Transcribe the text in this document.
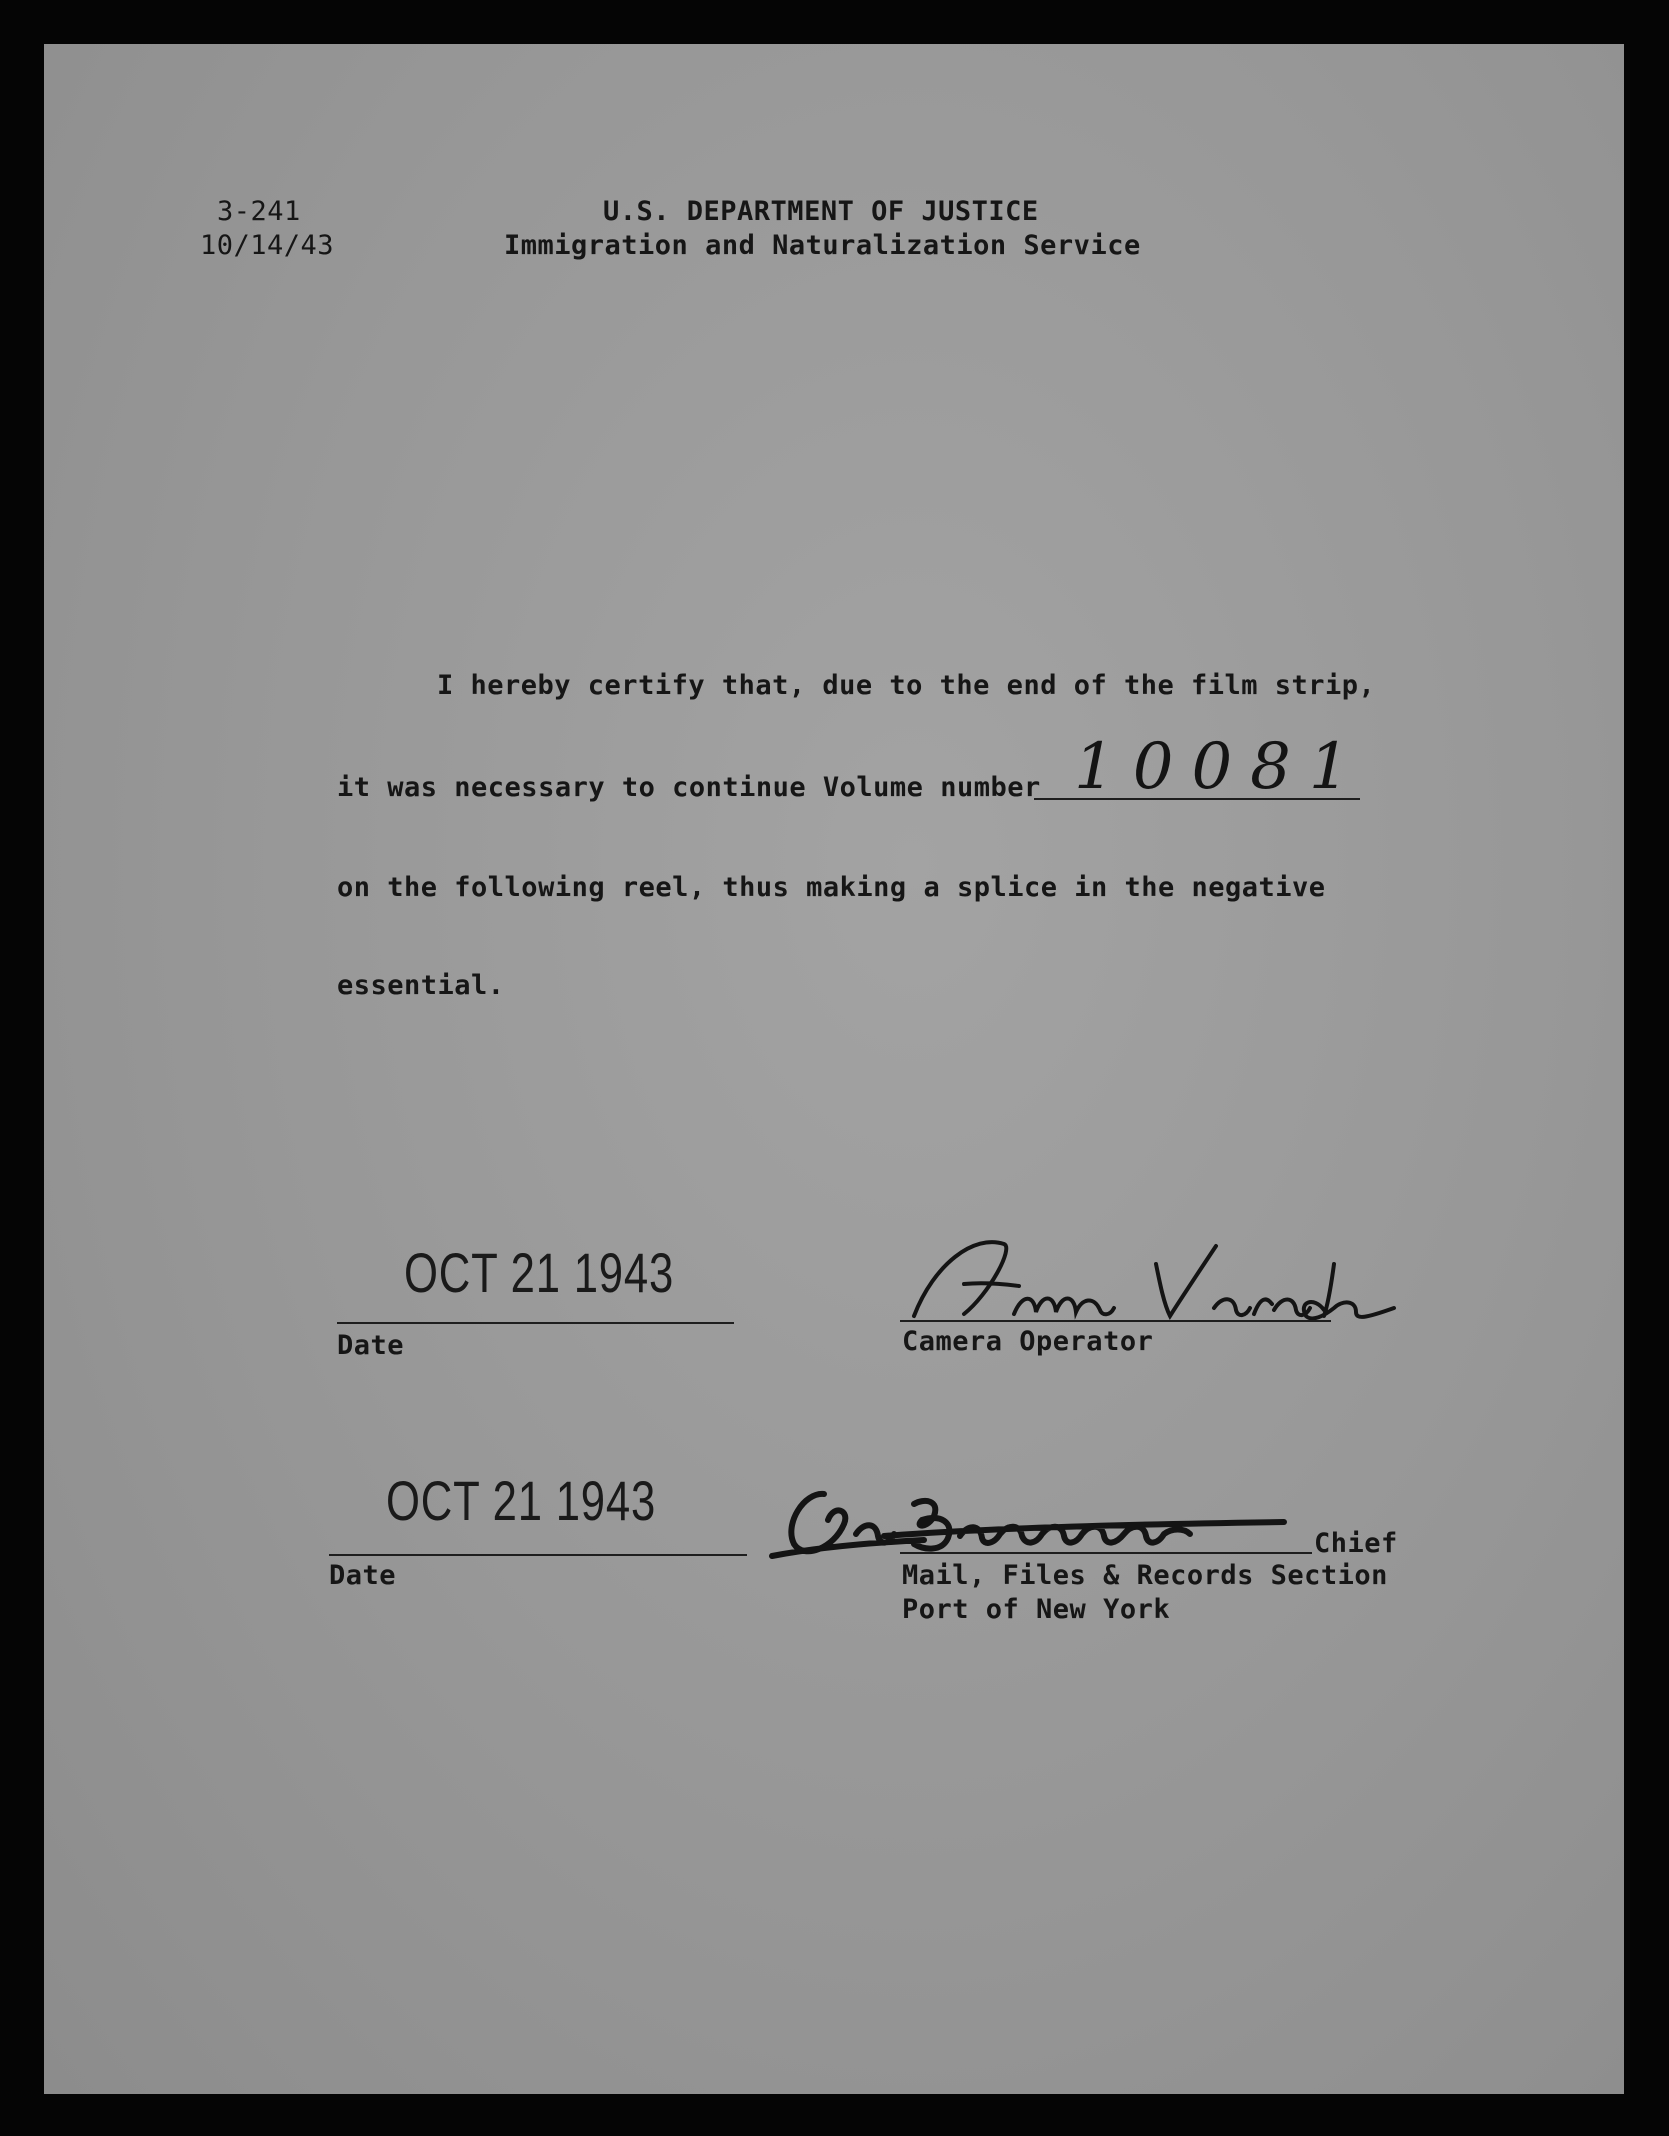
3-241
10/14/43
U.S. DEPARTMENT OF JUSTICE
Immigration and Naturalization Service
I hereby certify that, due to the end of the film strip,
it was necessary to continue Volume number 10081
on the following reel, thus making a splice in the negative
essential.
OCT 21 1943
Date	Camera Operator
OCT 21 1943
Date
Chief
Mail, Files & Records Section
Port of New York
